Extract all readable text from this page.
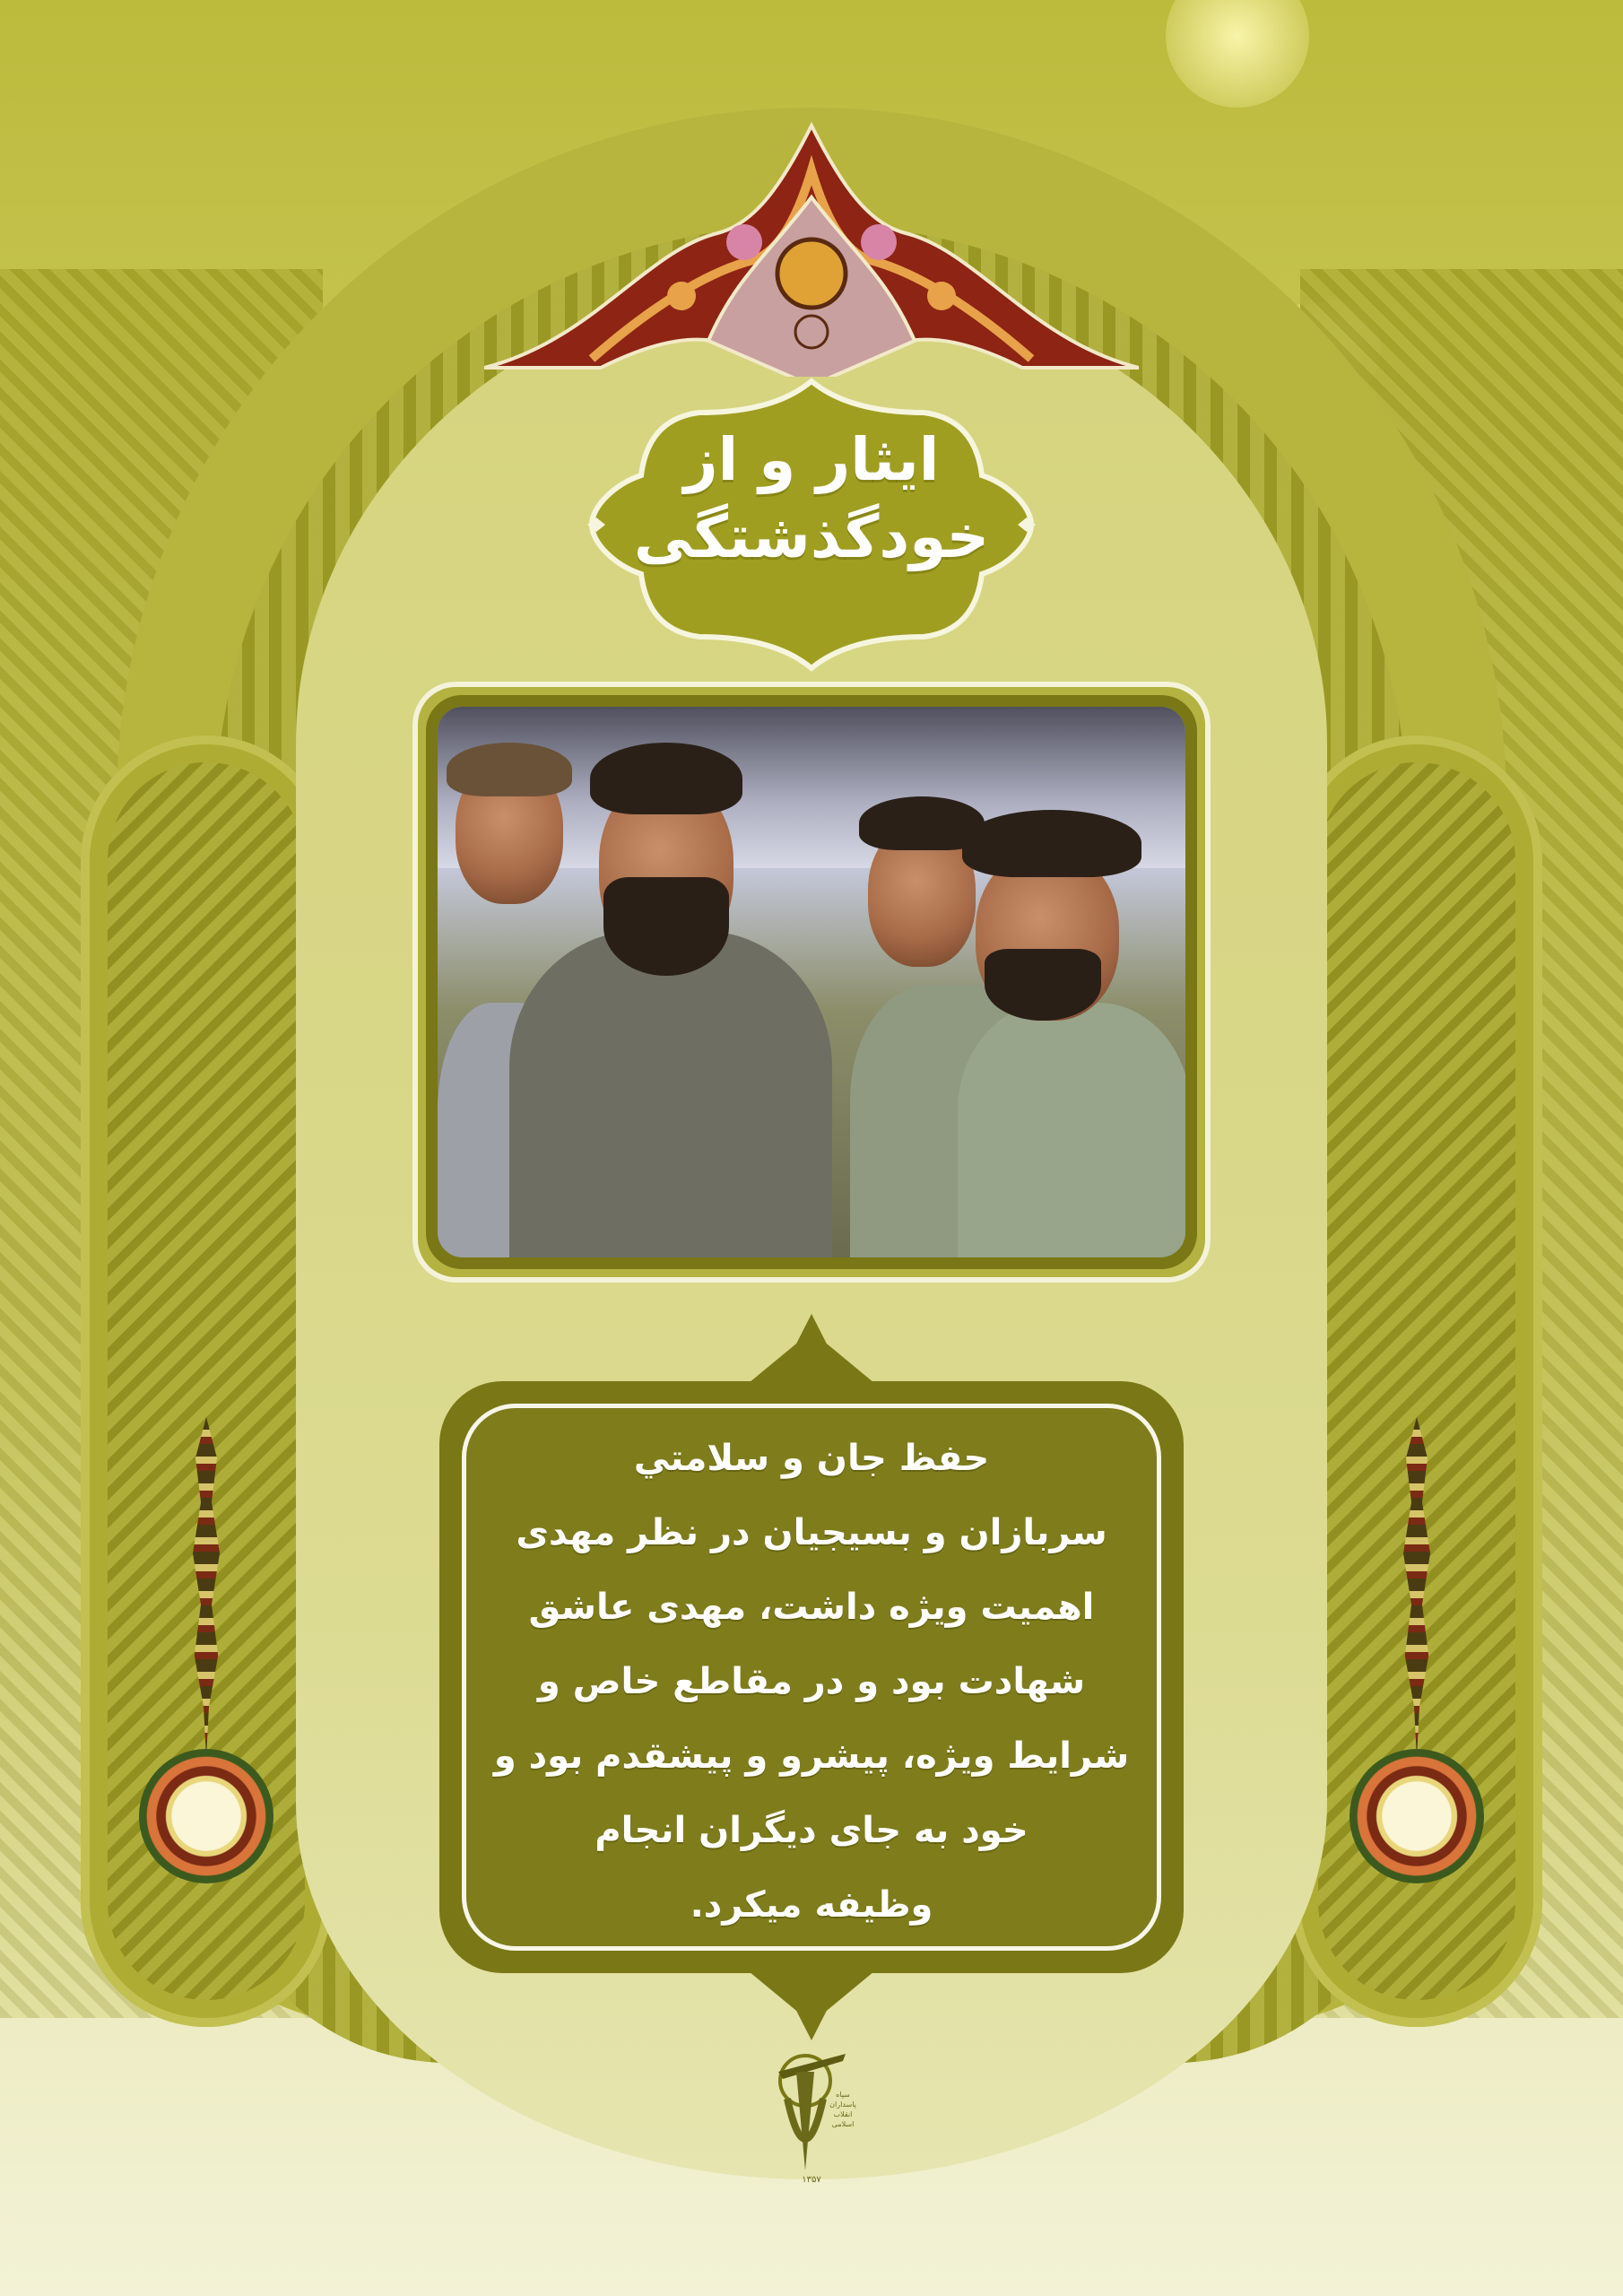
ایثار و از
خودگذشتگی
حفظ جان و سلامتي
سربازان و بسیجیان در نظر مهدی
اهمیت ویژه داشت، مهدی عاشق
شهادت بود و در مقاطع خاص و
شرایط ویژه، پیشرو و پیشقدم بود و
خود به جای دیگران انجام
وظیفه میکرد.
سپاه
پاسداران
انقلاب
اسلامی
۱۳۵۷
